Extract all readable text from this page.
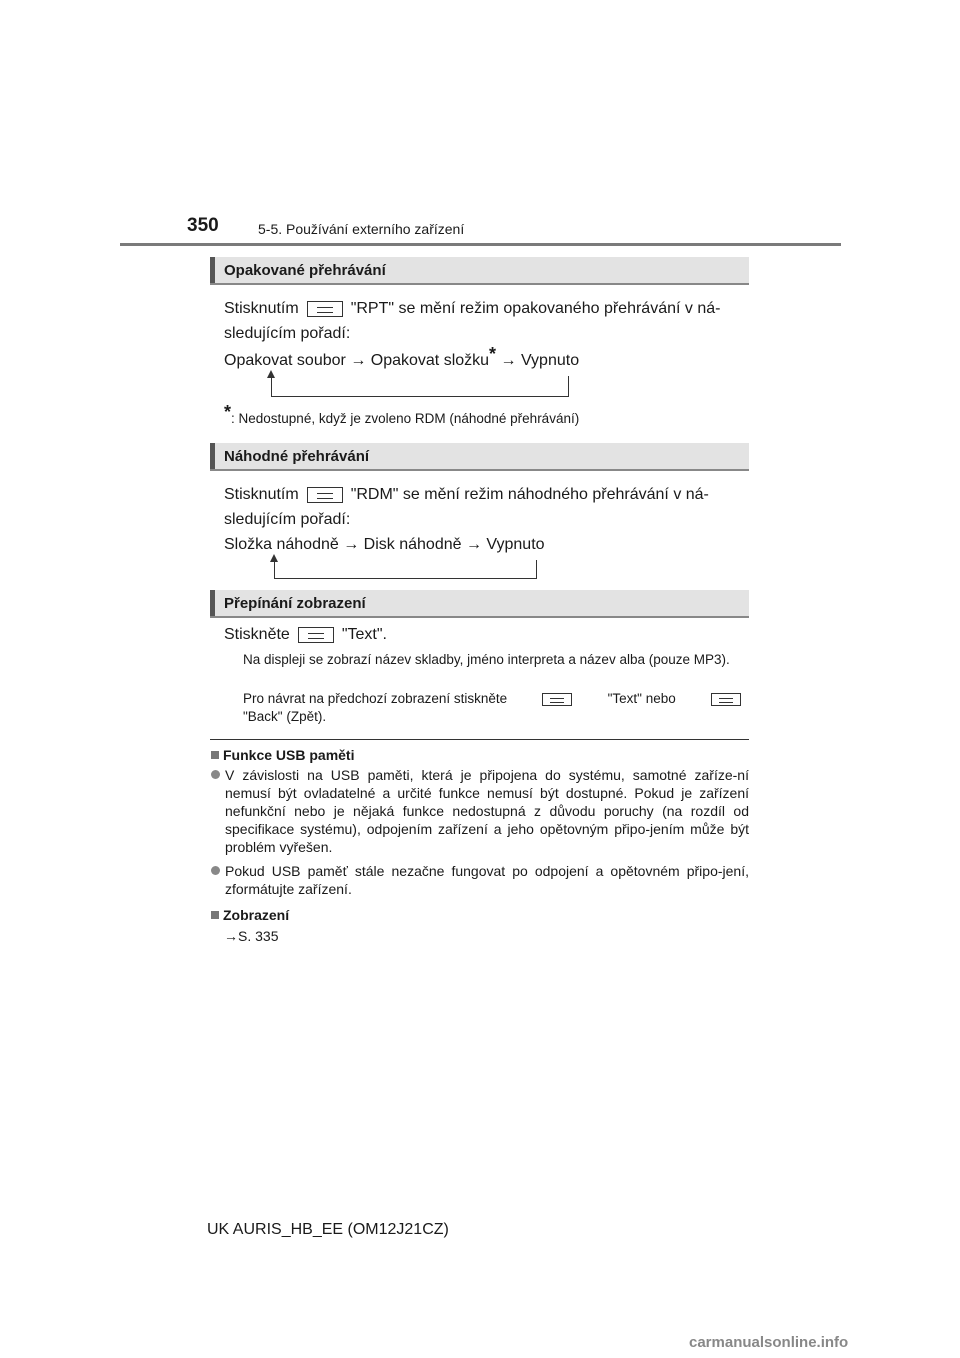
350	5-5. Používání externího zařízení
Opakované přehrávání
Stisknutím	"RPT" se mění režim opakovaného přehrávání v ná-
sledujícím pořadí:
Opakovat soubor → Opakovat složku* → Vypnuto
*: Nedostupné, když je zvoleno RDM (náhodné přehrávání)
Náhodné přehrávání
Stisknutím	"RDM" se mění režim náhodného přehrávání v ná-
sledujícím pořadí:
Složka náhodně → Disk náhodně → Vypnuto
Přepínání zobrazení
Stiskněte	"Text".
Na displeji se zobrazí název skladby, jméno interpreta a název alba (pouze MP3).
Pro návrat na předchozí zobrazení stiskněte	"Text" nebo
"Back" (Zpět).
Funkce USB paměti
V závislosti na USB paměti, která je připojena do systému, samotné zaříze-ní nemusí být ovladatelné a určité funkce nemusí být dostupné. Pokud je zařízení nefunkční nebo je nějaká funkce nedostupná z důvodu poruchy (na rozdíl od specifikace systému), odpojením zařízení a jeho opětovným připo-jením může být problém vyřešen.
Pokud USB paměť stále nezačne fungovat po odpojení a opětovném připo-jení, zformátujte zařízení.
Zobrazení
→S. 335
UK AURIS_HB_EE (OM12J21CZ)
carmanualsonline.info
